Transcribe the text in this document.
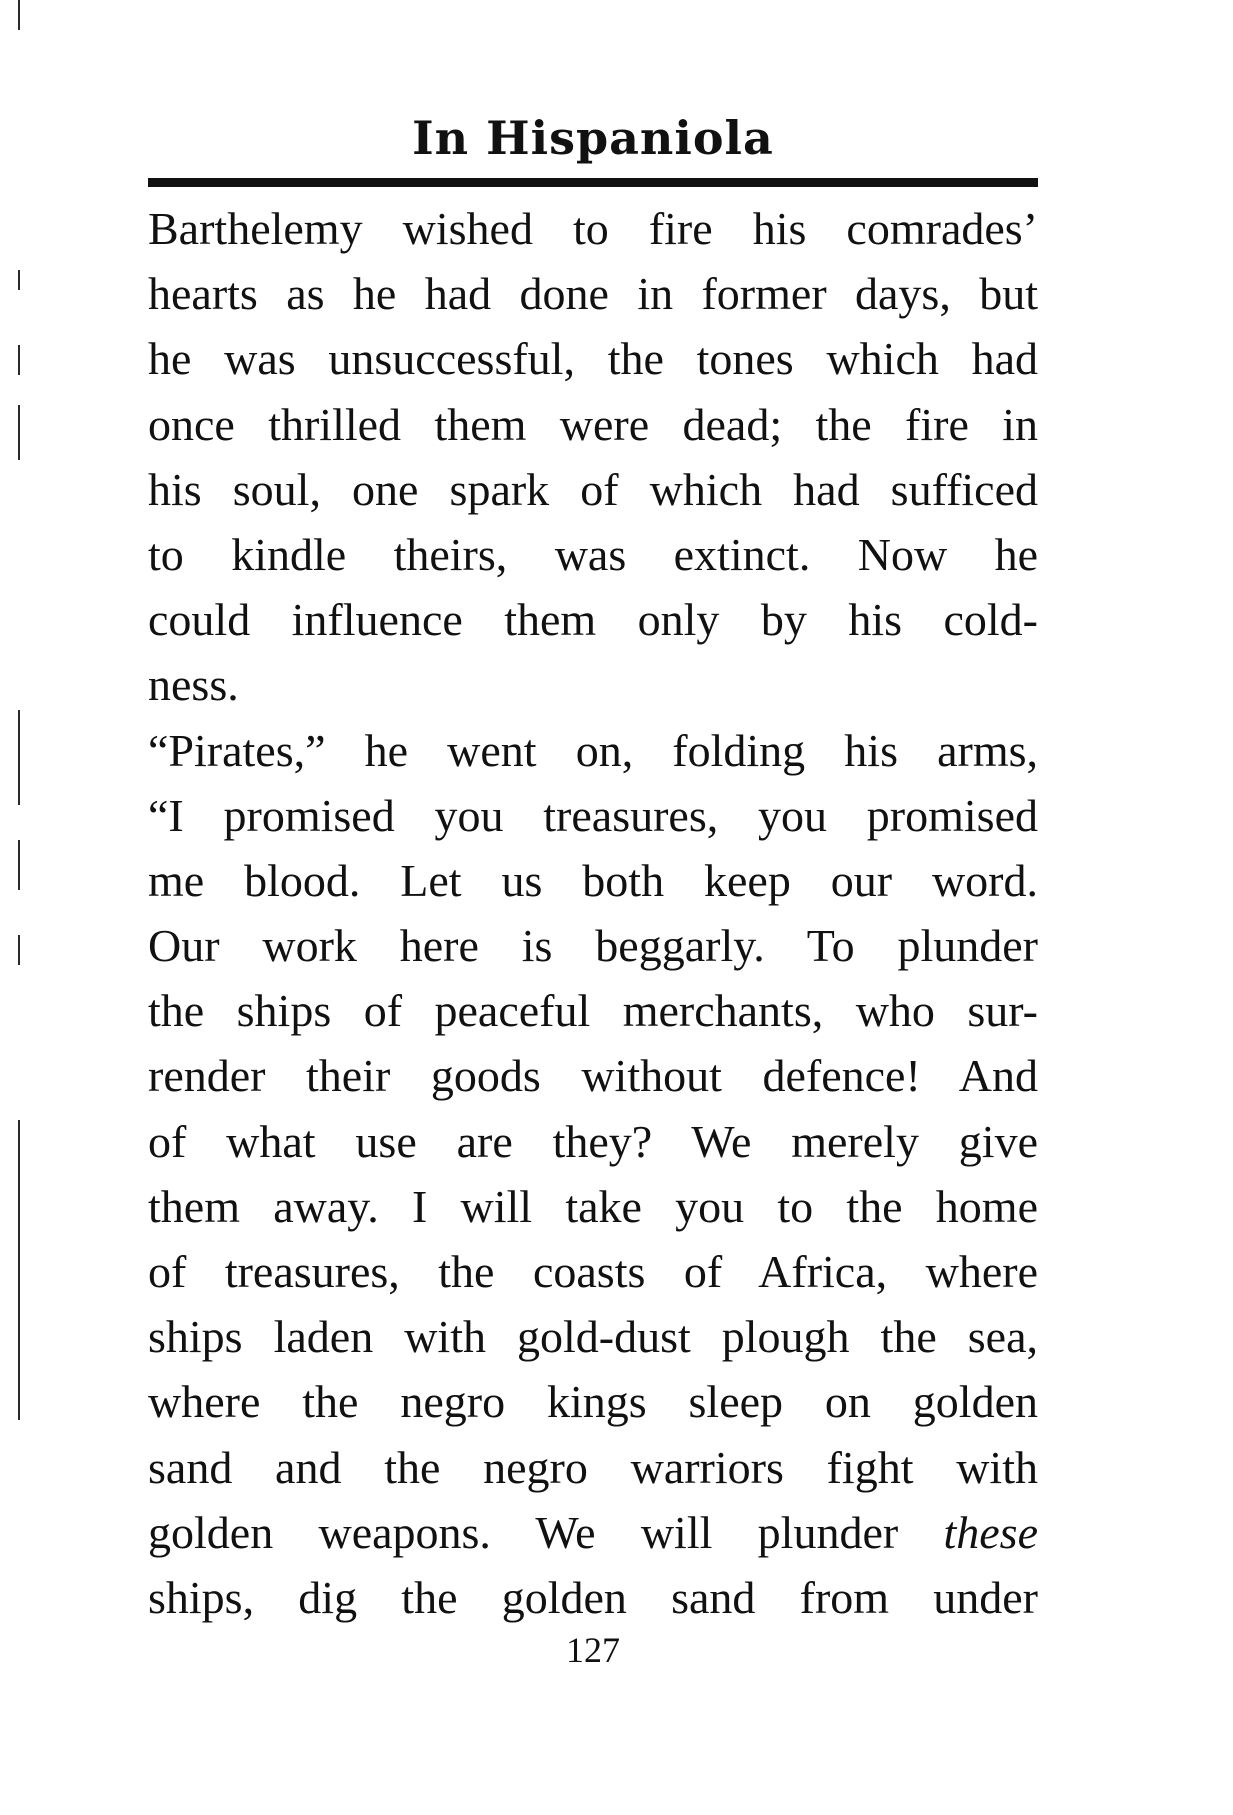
In Hispaniola
Barthelemy wished to fire his comrades’
hearts as he had done in former days, but
he was unsuccessful, the tones which had
once thrilled them were dead; the fire in
his soul, one spark of which had sufficed
to kindle theirs, was extinct. Now he
could influence them only by his cold-
ness.
“Pirates,” he went on, folding his arms,
“I promised you treasures, you promised
me blood. Let us both keep our word.
Our work here is beggarly. To plunder
the ships of peaceful merchants, who sur-
render their goods without defence! And
of what use are they? We merely give
them away. I will take you to the home
of treasures, the coasts of Africa, where
ships laden with gold-dust plough the sea,
where the negro kings sleep on golden
sand and the negro warriors fight with
golden weapons. We will plunder these
ships, dig the golden sand from under
127
